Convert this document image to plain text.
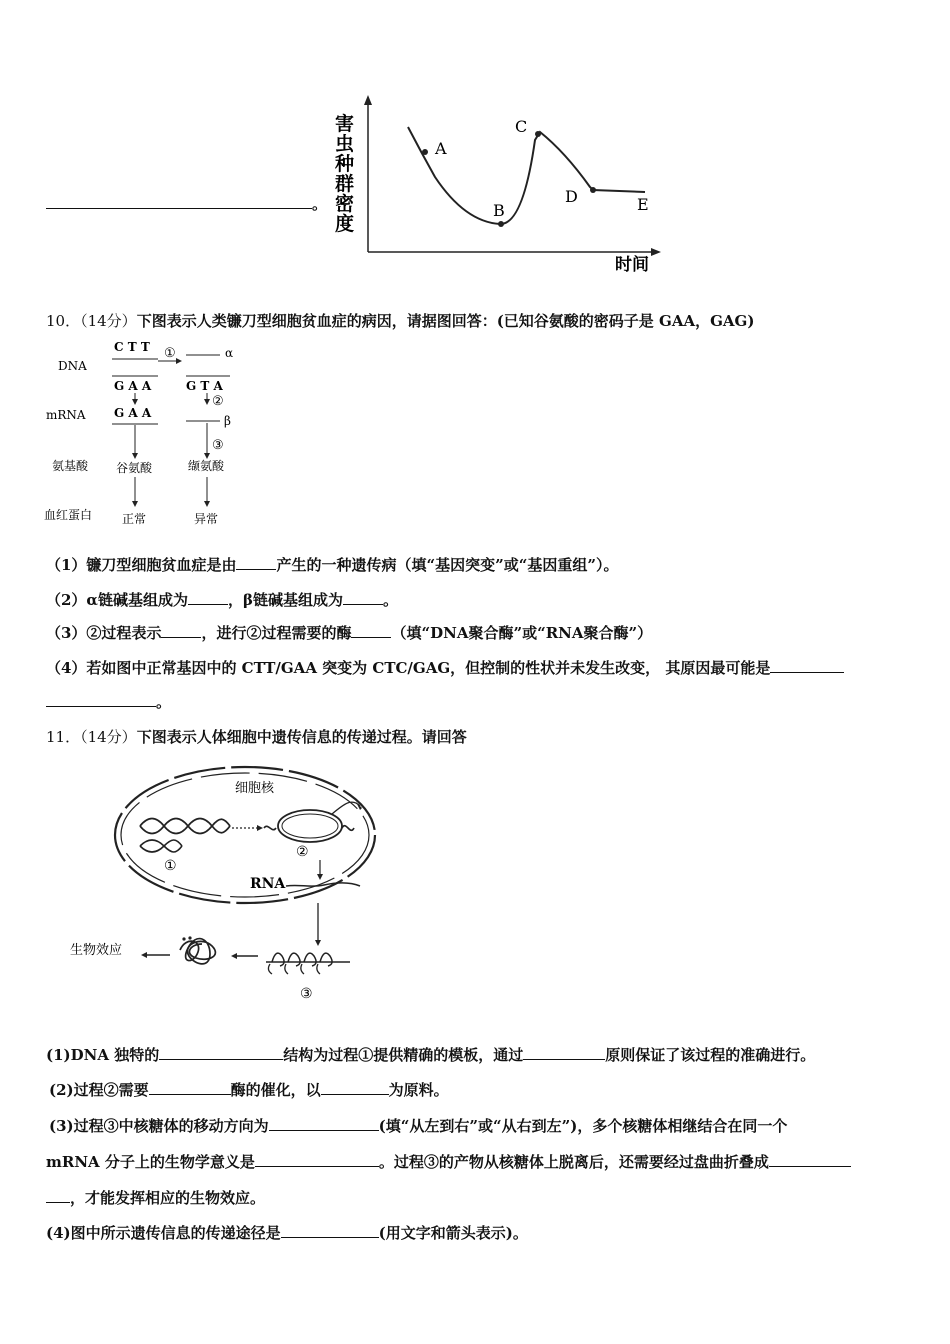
。
害
虫
种
群
密
度
时间
A
B
C
D	E
10．（14分）下图表示人类镰刀型细胞贫血症的病因，请据图回答：(已知谷氨酸的密码子是 GAA，GAG)
DNA
mRNA
氨基酸
血红蛋白
C T T
G A A
①	α
G T A
G A A
谷氨酸
正常
②
β
③
缬氨酸
异常
（1）镰刀型细胞贫血症是由	产生的一种遗传病（填“基因突变”或“基因重组”）。
（2）α链碱基组成为	，β链碱基组成为	。
（3）②过程表示	，进行②过程需要的酶	（填“DNA聚合酶”或“RNA聚合酶”）
（4）若如图中正常基因中的 CTT/GAA 突变为 CTC/GAG，但控制的性状并未发生改变， 其原因最可能是
。
11．（14分）下图表示人体细胞中遗传信息的传递过程。请回答
细胞核
①
②
RNA
③
生物效应
(1)DNA 独特的	结构为过程①提供精确的模板，通过	原则保证了该过程的准确进行。
(2)过程②需要	酶的催化，以	为原料。
(3)过程③中核糖体的移动方向为	(填“从左到右”或“从右到左”)，多个核糖体相继结合在同一个
mRNA 分子上的生物学意义是	。过程③的产物从核糖体上脱离后，还需要经过盘曲折叠成
，才能发挥相应的生物效应。
(4)图中所示遗传信息的传递途径是	(用文字和箭头表示)。
